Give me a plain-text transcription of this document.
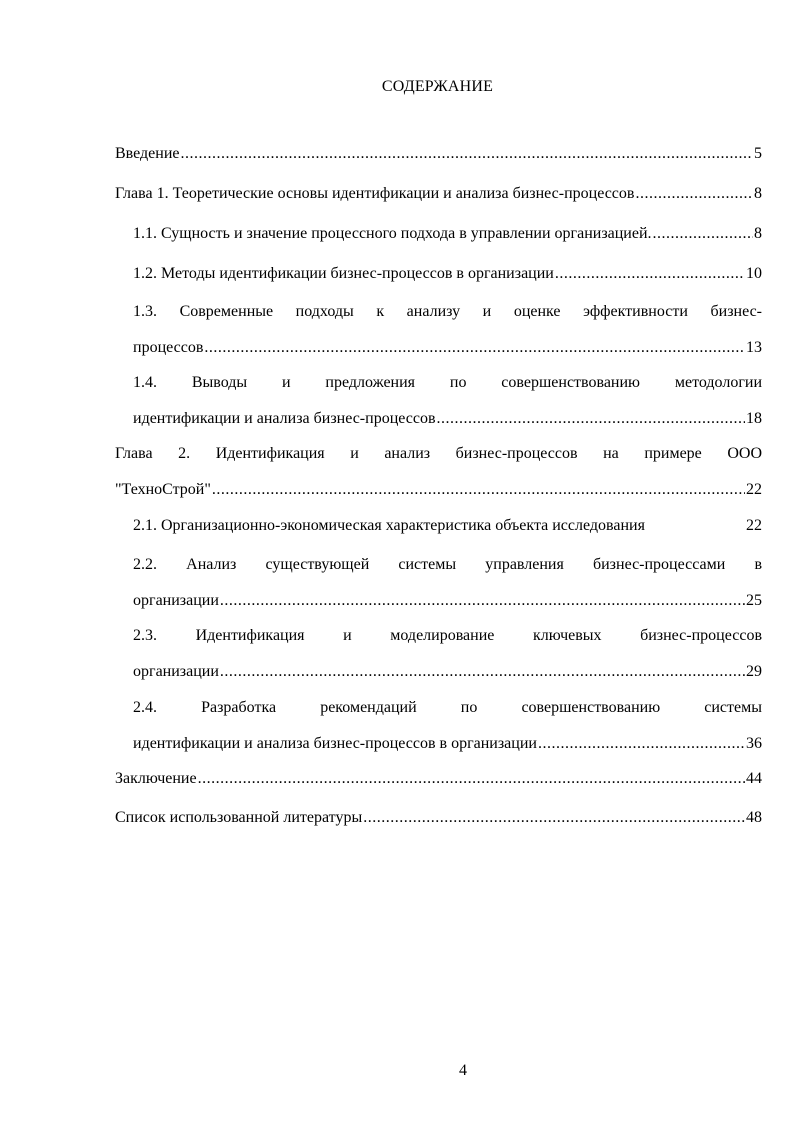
СОДЕРЖАНИЕ
Введение .....	5
Глава 1. Теоретические основы идентификации и анализа бизнес-процессов .....	8
1.1. Сущность и значение процессного подхода в управлении организацией. .....	8
1.2. Методы идентификации бизнес-процессов в организации .....	10
1.3. Современные подходы к анализу и оценке эффективности бизнес-
процессов .....	13
1.4. Выводы и предложения по совершенствованию методологии
идентификации и анализа бизнес-процессов .....	18
Глава 2. Идентификация и анализ бизнес-процессов на примере ООО
"ТехноСтрой" .....	22
2.1. Организационно-экономическая характеристика объекта исследования	22
2.2. Анализ существующей системы управления бизнес-процессами в
организации .....	25
2.3. Идентификация и моделирование ключевых бизнес-процессов
организации .....	29
2.4. Разработка рекомендаций по совершенствованию системы
идентификации и анализа бизнес-процессов в организации .....	36
Заключение .....	44
Список использованной литературы .....	48
4
